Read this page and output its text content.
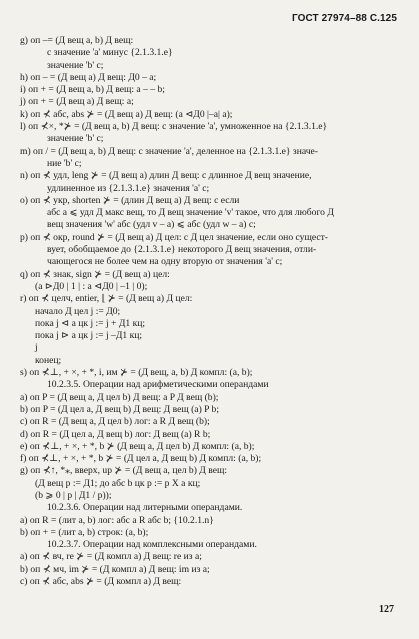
ГОСТ 27974–88 С.125
g) оп –= (Д вещ a, b) Д вещ:
с значение 'a' минус {2.1.3.1.е}
значение 'b' с;
h) оп – = (Д вещ а) Д вещ: Д0 – а;
i) оп + = (Д вещ а, b) Д вещ: а – – b;
j) оп + = (Д вещ а) Д вещ: а;
k) оп ⊀ абс, abs ⊁ = (Д вещ а) Д вещ: (а ⊲Д0 |–а| а);
l) оп ⊀×, *⊁ = (Д вещ а, b) Д вещ: с значение 'a', умноженное на {2.1.3.1.е}
значение 'b' с;
m) оп / = (Д вещ а, b) Д вещ: с значение 'a', деленное на {2.1.3.1.е} значе-
ние 'b' с;
n) оп ⊀ удл, leng ⊁ = (Д вещ а) длин Д вещ: с длинное Д вещ значение,
удлиненное из {2.1.3.1.е} значения 'a' с;
o) оп ⊀ укр, shorten ⊁ = (длин Д вещ а) Д вещ: с если
абс а ⩽ удл Д макс вещ, то Д вещ значение 'v' такое, что для любого Д
вещ значения 'w' абс (удл v – а) ⩽ абс (удл w – а) с;
p) оп ⊀ окр, round ⊁ = (Д вещ а) Д цел: с Д цел значение, если оно сущест-
вует, обобщаемое до {2.1.3.1.е} некоторого Д вещ значения, отли-
чающегося не более чем на одну вторую от значения 'a' с;
q) оп ⊀ знак, sign ⊁ = (Д вещ а) цел:
(а ⊳Д0 | 1 | : а ⊲Д0 | –1 | 0);
r) оп ⊀ целч, entier, ⌊ ⊁ = (Д вещ а) Д цел:
начало Д цел j := Д0;
пока j ⊲ а цк j := j + Д1 кц;
пока j ⊳ а цк j := j –Д1 кц;
j
конец;
s) оп ⊀⊥, + ×, + *, i, им ⊁ = (Д вещ, а, b) Д компл: (а, b);
10.2.3.5. Операции над арифметическими операндами
a) оп P = (Д вещ а, Д цел b) Д вещ: а P Д вещ (b);
b) оп P = (Д цел а, Д вещ b) Д вещ: Д вещ (а) P b;
c) оп R = (Д вещ а, Д цел b) лог: а R Д вещ (b);
d) оп R = (Д цел а, Д вещ b) лог: Д вещ (а) R b;
e) оп ⊀⊥, + ×, + *, b ⊁ (Д вещ а, Д цел b) Д компл: (а, b);
f) оп ⊀⊥, + ×, + *, b ⊁ = (Д цел а, Д вещ b) Д компл: (а, b);
g) оп ⊀↑, *⁎, вверх, up ⊁ = (Д вещ а, цел b) Д вещ:
(Д вещ p := Д1; до абс b цк p := p X а кц;
(b ⩾ 0 | p | Д1 / p));
10.2.3.6. Операции над литерными операндами.
a) оп R = (лит а, b) лог: абс а R абс b; {10.2.1.n}
b) оп + = (лит а, b) строк: (а, b);
10.2.3.7. Операции над комплексными операндами.
a) оп ⊀ вч, re ⊁ = (Д компл а) Д вещ: re из а;
b) оп ⊀ мч, im ⊁ = (Д компл а) Д вещ: im из а;
c) оп ⊀ абс, abs ⊁ = (Д компл а) Д вещ:
127
